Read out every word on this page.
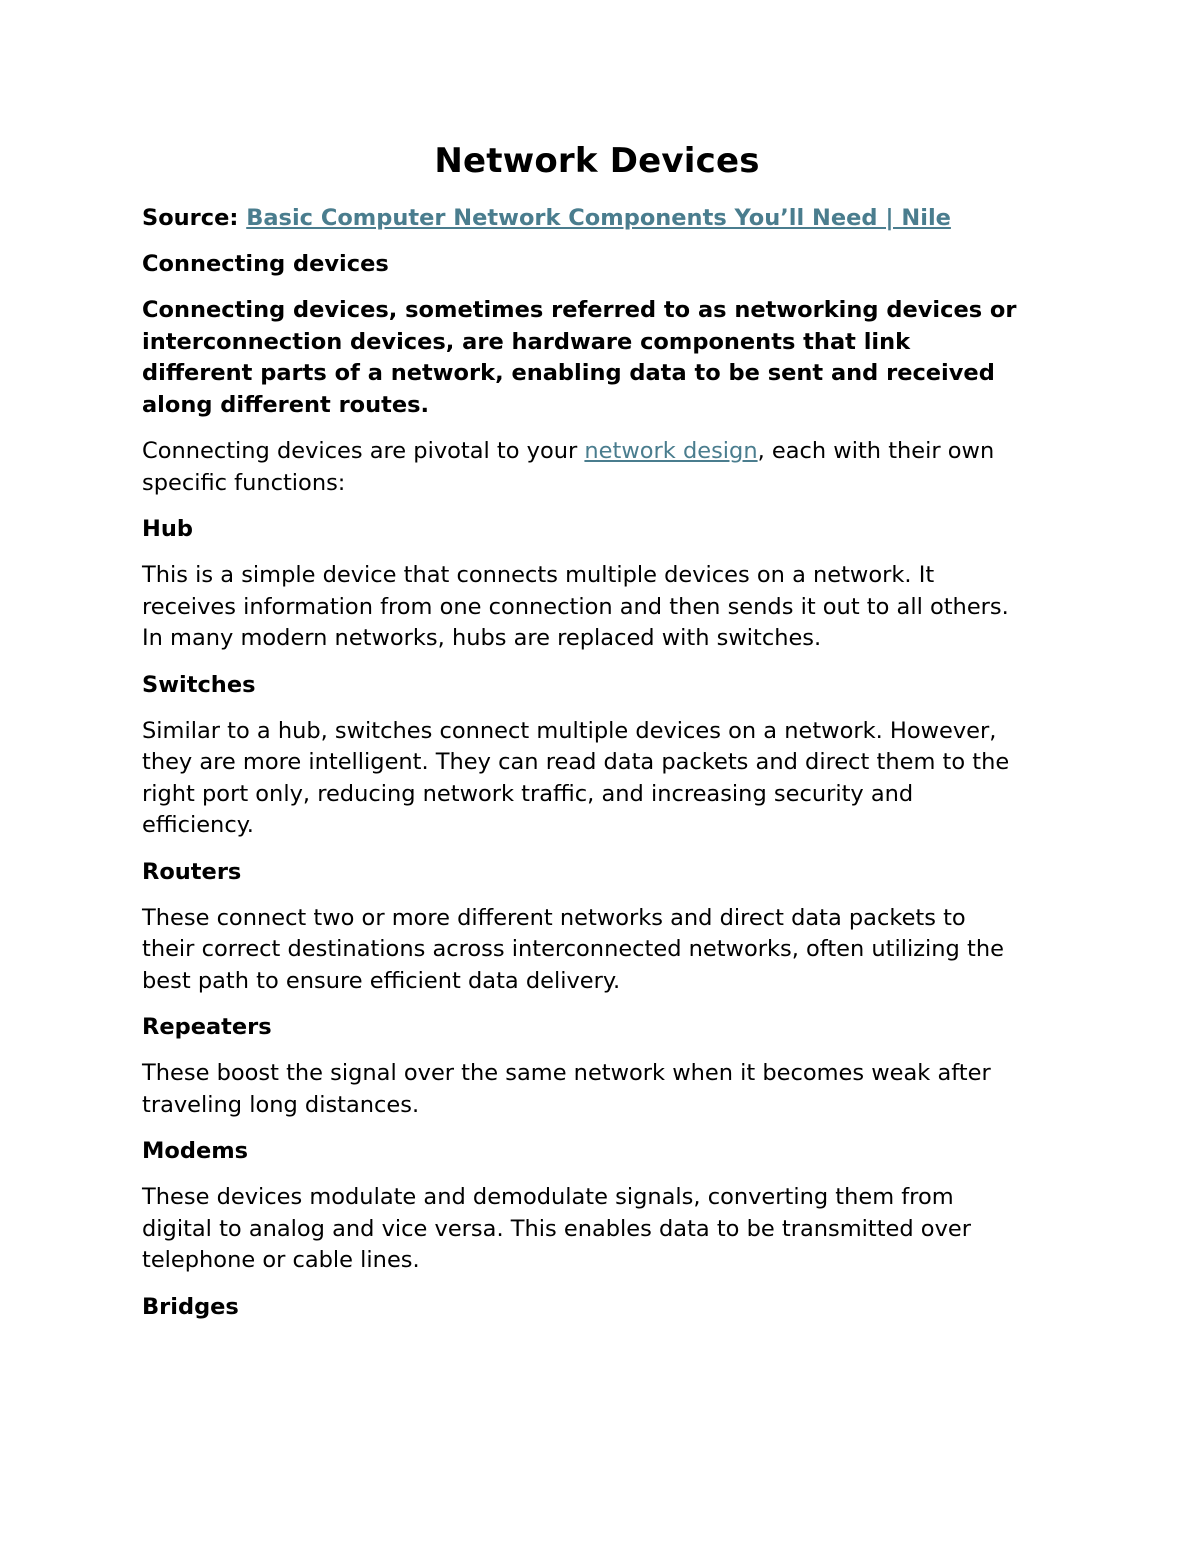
Network Devices
Source: Basic Computer Network Components You’ll Need | Nile
Connecting devices
Connecting devices, sometimes referred to as networking devices or
interconnection devices, are hardware components that link
different parts of a network, enabling data to be sent and received
along different routes.
Connecting devices are pivotal to your network design, each with their own
specific functions:
Hub
This is a simple device that connects multiple devices on a network. It
receives information from one connection and then sends it out to all others.
In many modern networks, hubs are replaced with switches.
Switches
Similar to a hub, switches connect multiple devices on a network. However,
they are more intelligent. They can read data packets and direct them to the
right port only, reducing network traffic, and increasing security and
efficiency.
Routers
These connect two or more different networks and direct data packets to
their correct destinations across interconnected networks, often utilizing the
best path to ensure efficient data delivery.
Repeaters
These boost the signal over the same network when it becomes weak after
traveling long distances.
Modems
These devices modulate and demodulate signals, converting them from
digital to analog and vice versa. This enables data to be transmitted over
telephone or cable lines.
Bridges
